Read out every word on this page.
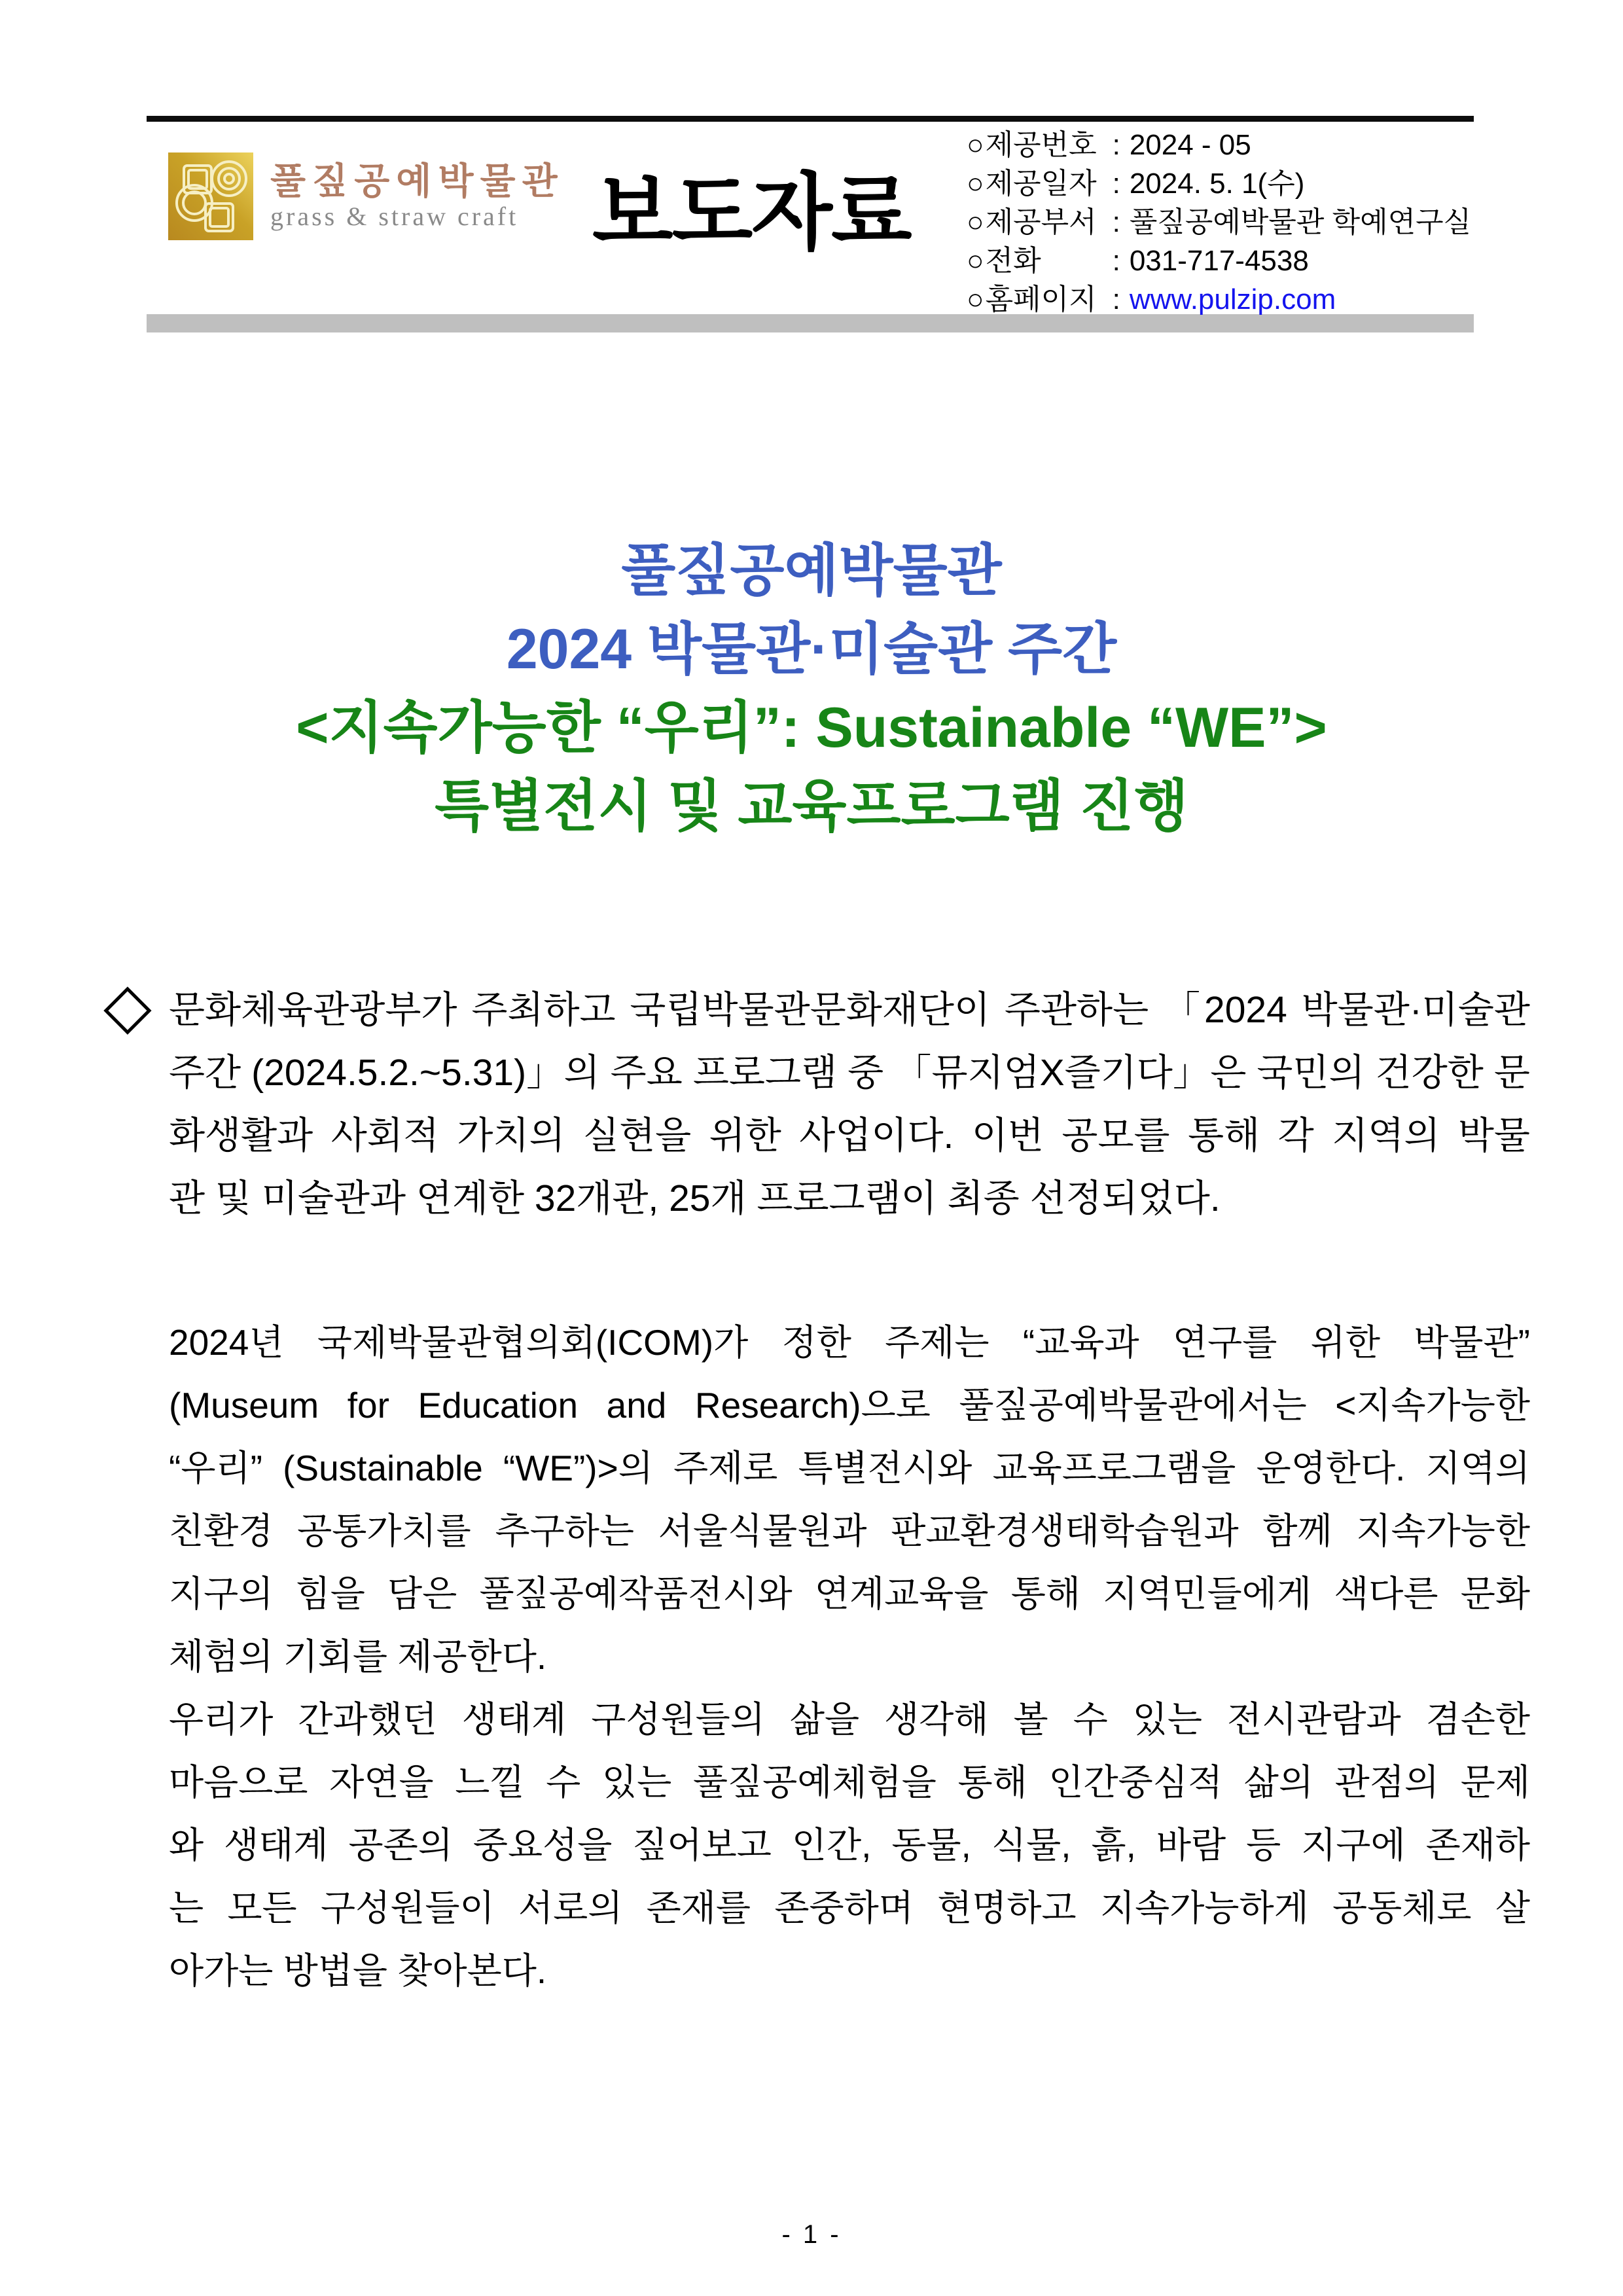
풀짚공예박물관
grass & straw craft 보도자료
○제공번호 : 2024 - 05
○제공일자 : 2024. 5. 1(수)
○제공부서 : 풀짚공예박물관 학예연구실
○전화 : 031-717-4538
○홈페이지 : www.pulzip.com
풀짚공예박물관
2024 박물관·미술관 주간
<지속가능한 “우리”: Sustainable “WE”>
특별전시 및 교육프로그램 진행
◇ 문화체육관광부가 주최하고 국립박물관문화재단이 주관하는 「2024 박물관·미술관
주간 (2024.5.2.~5.31)」의 주요 프로그램 중 「뮤지엄X즐기다」은 국민의 건강한 문
화생활과 사회적 가치의 실현을 위한 사업이다. 이번 공모를 통해 각 지역의 박물
관 및 미술관과 연계한 32개관, 25개 프로그램이 최종 선정되었다.
2024년 국제박물관협의회(ICOM)가 정한 주제는 “교육과 연구를 위한 박물관”
(Museum for Education and Research)으로 풀짚공예박물관에서는 <지속가능한
“우리” (Sustainable “WE”)>의 주제로 특별전시와 교육프로그램을 운영한다. 지역의
친환경 공통가치를 추구하는 서울식물원과 판교환경생태학습원과 함께 지속가능한
지구의 힘을 담은 풀짚공예작품전시와 연계교육을 통해 지역민들에게 색다른 문화
체험의 기회를 제공한다.
우리가 간과했던 생태계 구성원들의 삶을 생각해 볼 수 있는 전시관람과 겸손한
마음으로 자연을 느낄 수 있는 풀짚공예체험을 통해 인간중심적 삶의 관점의 문제
와 생태계 공존의 중요성을 짚어보고 인간, 동물, 식물, 흙, 바람 등 지구에 존재하
는 모든 구성원들이 서로의 존재를 존중하며 현명하고 지속가능하게 공동체로 살
아가는 방법을 찾아본다.
- 1 -
